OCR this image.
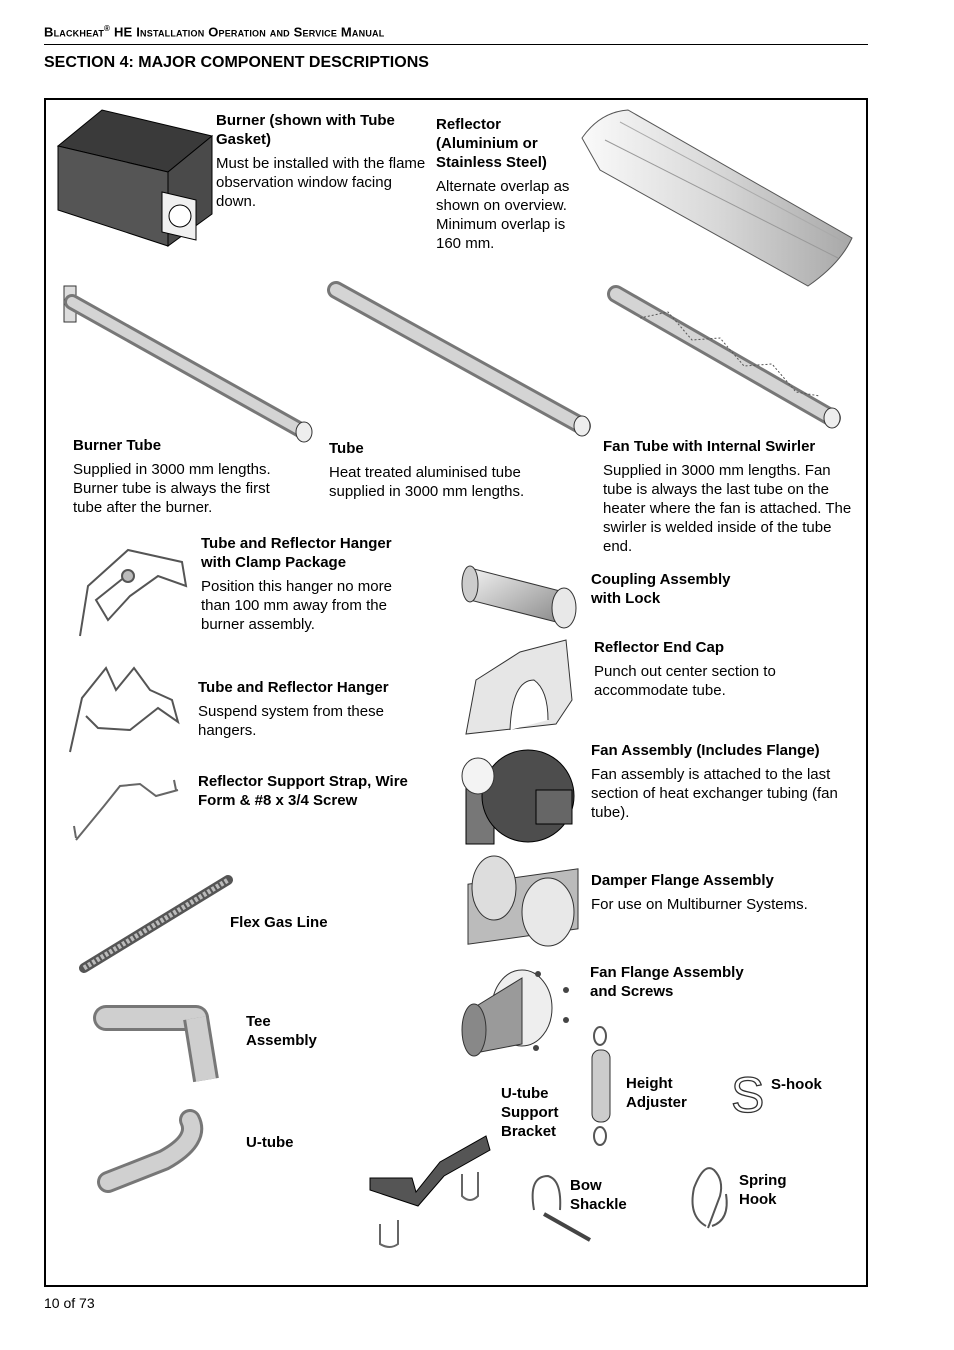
Blackheat® HE Installation Operation and Service Manual
SECTION 4: MAJOR COMPONENT DESCRIPTIONS
S
Burner (shown with Tube Gasket)
Must be installed with the flame observation window facing down.
Reflector (Aluminium or Stainless Steel)
Alternate overlap as shown on overview. Minimum overlap is 160 mm.
Burner Tube
Supplied in 3000 mm lengths. Burner tube is always the first tube after the burner.
Tube
Heat treated aluminised tube supplied in 3000 mm lengths.
Fan Tube with Internal Swirler
Supplied in 3000 mm lengths. Fan tube is always the last tube on the heater where the fan is attached. The swirler is welded inside of the tube end.
Tube and Reflector Hanger with Clamp Package
Position this hanger no more than 100 mm away from the burner assembly.
Coupling Assembly with Lock
Reflector End Cap
Punch out center section to accommodate tube.
Tube and Reflector Hanger
Suspend system from these hangers.
Fan Assembly (Includes Flange)
Fan assembly is attached to the last section of heat exchanger tubing (fan tube).
Reflector Support Strap, Wire Form & #8 x 3/4 Screw
Damper Flange Assembly
For use on Multiburner Systems.
Flex Gas Line
Fan Flange Assembly and Screws
Tee Assembly
U-tube Support Bracket
Height Adjuster
S-hook
U-tube
Bow Shackle
Spring Hook
10 of 73
